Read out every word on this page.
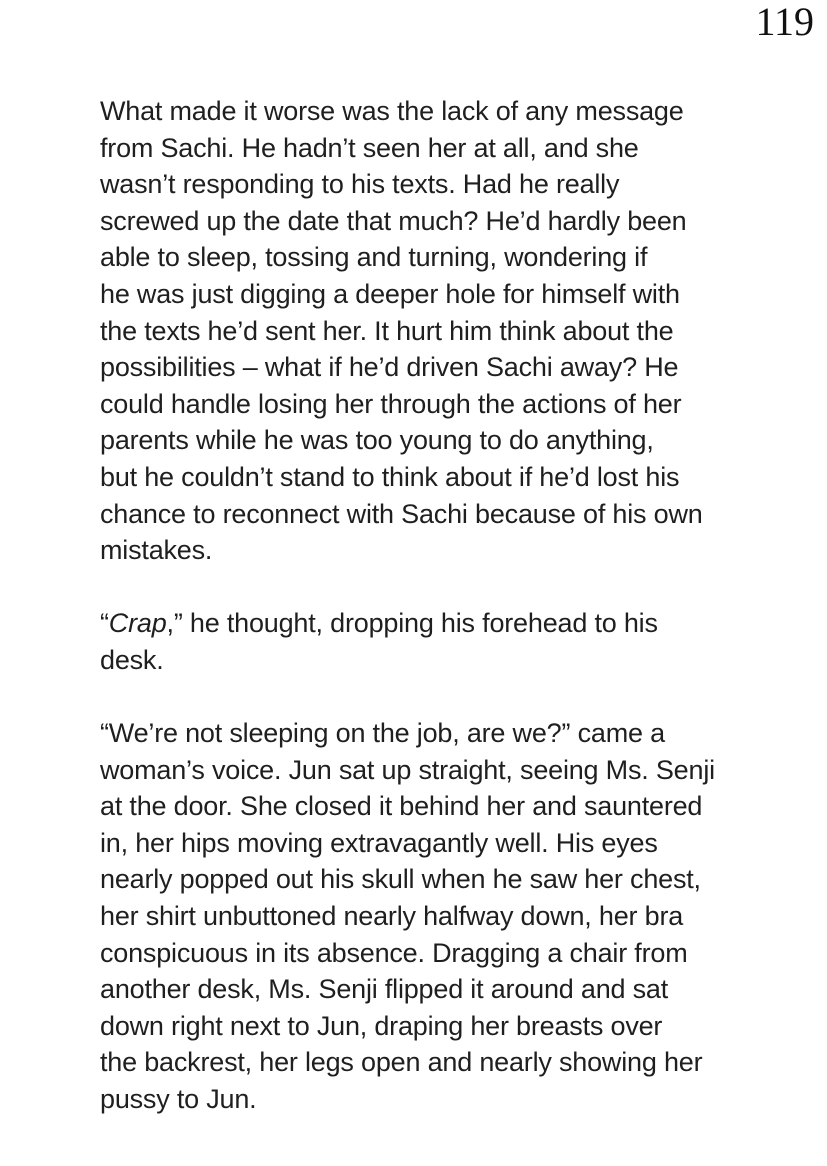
119
What made it worse was the lack of any message
from Sachi. He hadn’t seen her at all, and she
wasn’t responding to his texts. Had he really
screwed up the date that much? He’d hardly been
able to sleep, tossing and turning, wondering if
he was just digging a deeper hole for himself with
the texts he’d sent her. It hurt him think about the
possibilities – what if he’d driven Sachi away? He
could handle losing her through the actions of her
parents while he was too young to do anything,
but he couldn’t stand to think about if he’d lost his
chance to reconnect with Sachi because of his own
mistakes.
“Crap,” he thought, dropping his forehead to his
desk.
“We’re not sleeping on the job, are we?” came a
woman’s voice. Jun sat up straight, seeing Ms. Senji
at the door. She closed it behind her and sauntered
in, her hips moving extravagantly well. His eyes
nearly popped out his skull when he saw her chest,
her shirt unbuttoned nearly halfway down, her bra
conspicuous in its absence. Dragging a chair from
another desk, Ms. Senji flipped it around and sat
down right next to Jun, draping her breasts over
the backrest, her legs open and nearly showing her
pussy to Jun.
